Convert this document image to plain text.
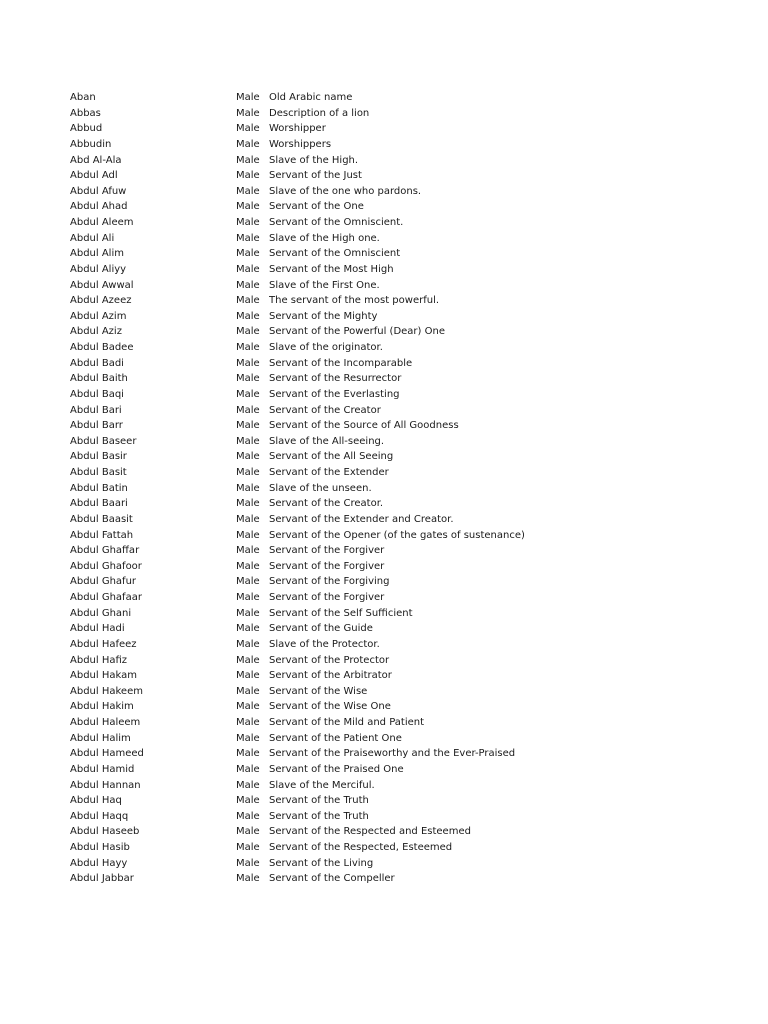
Aban	Male Old Arabic name
Abbas	Male Description of a lion
Abbud	Male Worshipper
Abbudin	Male Worshippers
Abd Al-Ala	Male Slave of the High.
Abdul Adl	Male Servant of the Just
Abdul Afuw	Male Slave of the one who pardons.
Abdul Ahad	Male Servant of the One
Abdul Aleem	Male Servant of the Omniscient.
Abdul Ali	Male Slave of the High one.
Abdul Alim	Male Servant of the Omniscient
Abdul Aliyy	Male Servant of the Most High
Abdul Awwal	Male Slave of the First One.
Abdul Azeez	Male The servant of the most powerful.
Abdul Azim	Male Servant of the Mighty
Abdul Aziz	Male Servant of the Powerful (Dear) One
Abdul Badee	Male Slave of the originator.
Abdul Badi	Male Servant of the Incomparable
Abdul Baith	Male Servant of the Resurrector
Abdul Baqi	Male Servant of the Everlasting
Abdul Bari	Male Servant of the Creator
Abdul Barr	Male Servant of the Source of All Goodness
Abdul Baseer	Male Slave of the All-seeing.
Abdul Basir	Male Servant of the All Seeing
Abdul Basit	Male Servant of the Extender
Abdul Batin	Male Slave of the unseen.
Abdul Baari	Male Servant of the Creator.
Abdul Baasit	Male Servant of the Extender and Creator.
Abdul Fattah	Male Servant of the Opener (of the gates of sustenance)
Abdul Ghaffar	Male Servant of the Forgiver
Abdul Ghafoor	Male Servant of the Forgiver
Abdul Ghafur	Male Servant of the Forgiving
Abdul Ghafaar	Male Servant of the Forgiver
Abdul Ghani	Male Servant of the Self Sufficient
Abdul Hadi	Male Servant of the Guide
Abdul Hafeez	Male Slave of the Protector.
Abdul Hafiz	Male Servant of the Protector
Abdul Hakam	Male Servant of the Arbitrator
Abdul Hakeem	Male Servant of the Wise
Abdul Hakim	Male Servant of the Wise One
Abdul Haleem	Male Servant of the Mild and Patient
Abdul Halim	Male Servant of the Patient One
Abdul Hameed	Male Servant of the Praiseworthy and the Ever-Praised
Abdul Hamid	Male Servant of the Praised One
Abdul Hannan	Male Slave of the Merciful.
Abdul Haq	Male Servant of the Truth
Abdul Haqq	Male Servant of the Truth
Abdul Haseeb	Male Servant of the Respected and Esteemed
Abdul Hasib	Male Servant of the Respected, Esteemed
Abdul Hayy	Male Servant of the Living
Abdul Jabbar	Male Servant of the Compeller
